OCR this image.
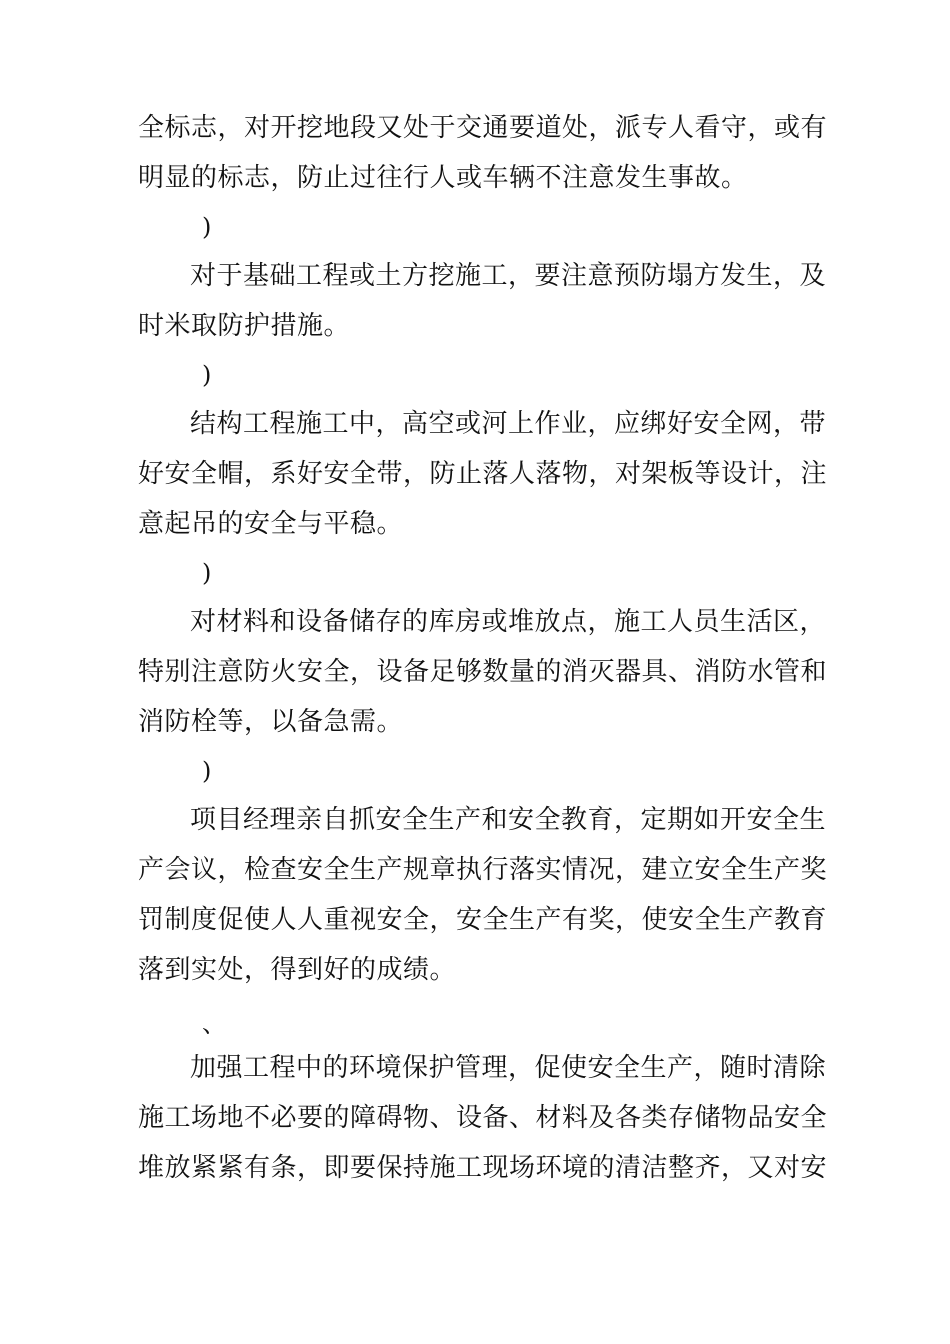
全标志，对开挖地段又处于交通要道处，派专人看守，或有
明显的标志，防止过往行人或车辆不注意发生事故。
)
对于基础工程或土方挖施工，要注意预防塌方发生，及
时米取防护措施。
)
结构工程施工中，高空或河上作业，应绑好安全网，带
好安全帽，系好安全带，防止落人落物，对架板等设计，注
意起吊的安全与平稳。
)
对材料和设备储存的库房或堆放点，施工人员生活区，
特别注意防火安全，设备足够数量的消灭器具、消防水管和
消防栓等，以备急需。
)
项目经理亲自抓安全生产和安全教育，定期如开安全生
产会议，检查安全生产规章执行落实情况，建立安全生产奖
罚制度促使人人重视安全，安全生产有奖，使安全生产教育
落到实处，得到好的成绩。
、
加强工程中的环境保护管理，促使安全生产，随时清除
施工场地不必要的障碍物、设备、材料及各类存储物品安全
堆放紧紧有条，即要保持施工现场环境的清洁整齐，又对安
